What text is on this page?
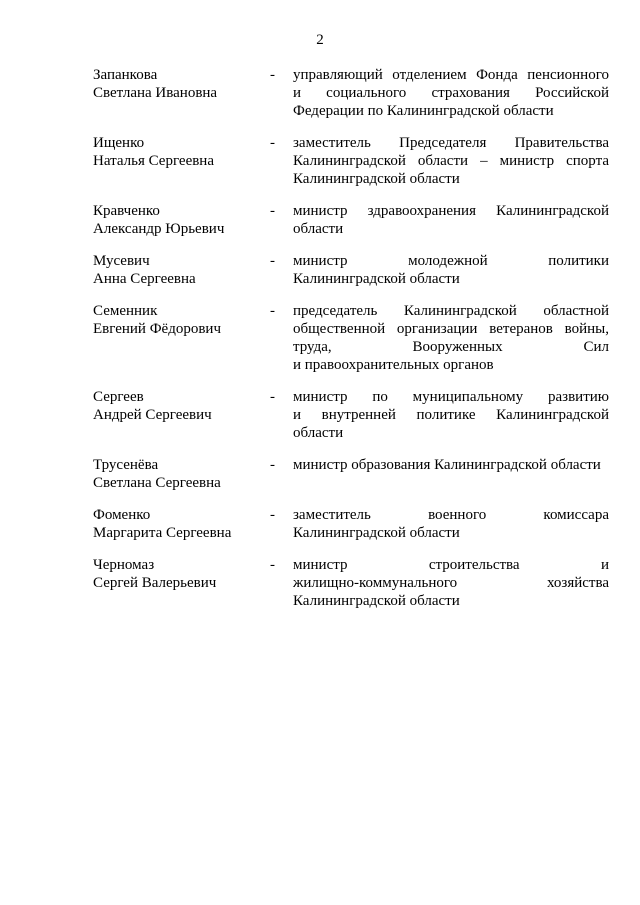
2
Запанкова
Светлана Ивановна
- управляющий отделением Фонда пенсионного
и социального страхования Российской
Федерации по Калининградской области
Ищенко
Наталья Сергеевна
- заместитель Председателя Правительства
Калининградской области – министр спорта
Калининградской области
Кравченко
Александр Юрьевич
- министр здравоохранения Калининградской
области
Мусевич
Анна Сергеевна
- министр молодежной политики
Калининградской области
Семенник
Евгений Фёдорович
- председатель Калининградской областной
общественной организации ветеранов войны,
труда, Вооруженных Сил
и правоохранительных органов
Сергеев
Андрей Сергеевич
- министр по муниципальному развитию
и внутренней политике Калининградской
области
Трусенёва
Светлана Сергеевна
- министр образования Калининградской области
Фоменко
Маргарита Сергеевна
- заместитель военного комиссара
Калининградской области
Черномаз
Сергей Валерьевич
- министр строительства и
жилищно-коммунального хозяйства
Калининградской области
